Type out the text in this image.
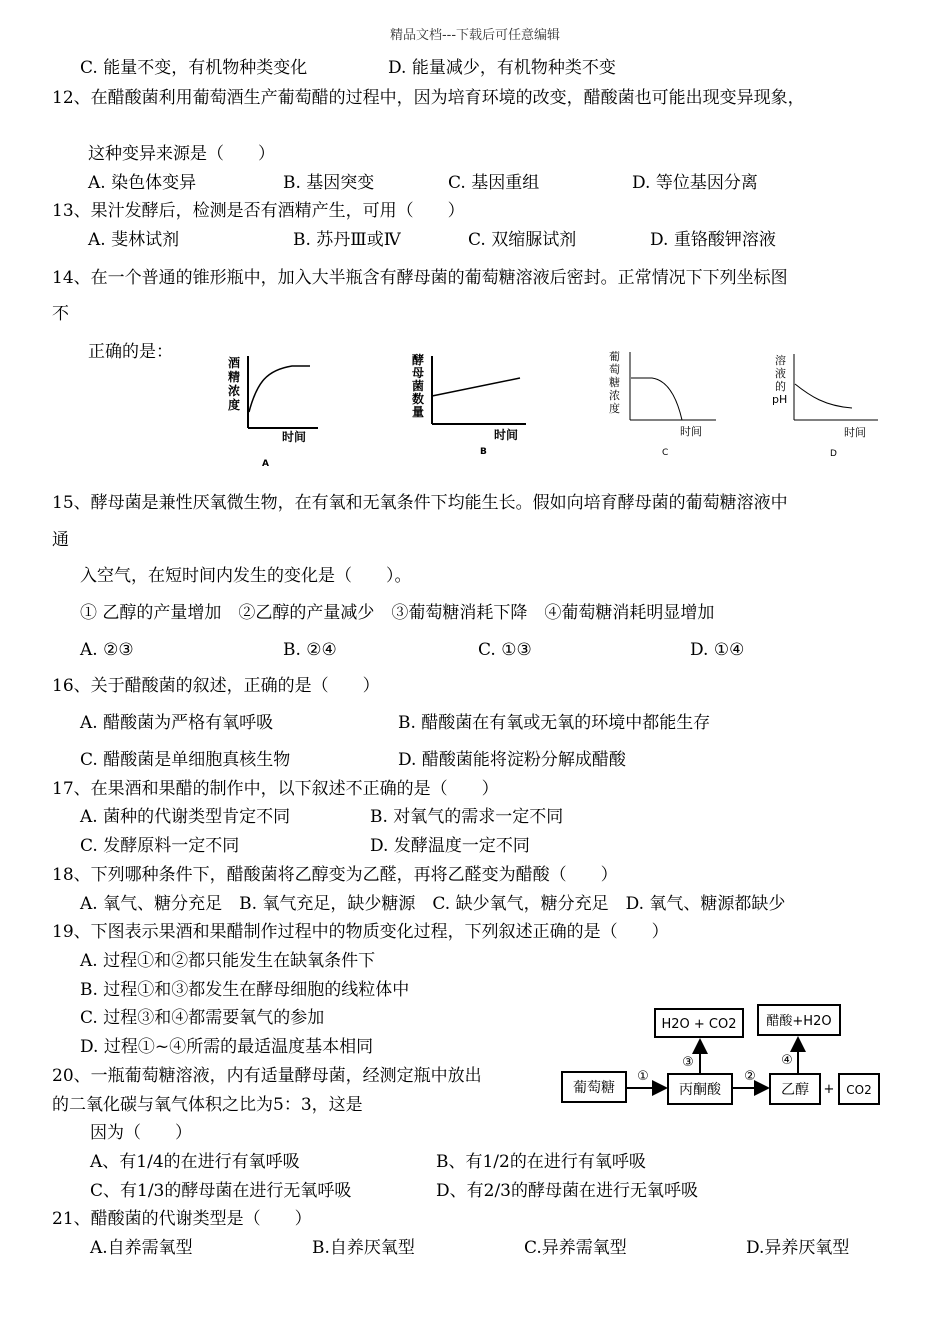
精品文档---下载后可任意编辑
C. 能量不变，有机物种类变化	D. 能量减少，有机物种类不变
12、在醋酸菌利用葡萄酒生产葡萄醋的过程中，因为培育环境的改变，醋酸菌也可能出现变异现象，
这种变异来源是（　　）
A. 染色体变异	B. 基因突变	C. 基因重组	D. 等位基因分离
13、果汁发酵后，检测是否有酒精产生，可用（　　）
A. 斐林试剂	B. 苏丹Ⅲ或Ⅳ	C. 双缩脲试剂	D. 重铬酸钾溶液
14、在一个普通的锥形瓶中，加入大半瓶含有酵母菌的葡萄糖溶液后密封。正常情况下下列坐标图
不
正确的是：
酒
精
浓
度
时间
A
酵
母
菌
数
量
时间
B
葡
萄
糖
浓
度
时间
C
溶
液
的
pH
时间
D
15、酵母菌是兼性厌氧微生物，在有氧和无氧条件下均能生长。假如向培育酵母菌的葡萄糖溶液中
通
入空气，在短时间内发生的变化是（　　）。
① 乙醇的产量增加　②乙醇的产量减少　③葡萄糖消耗下降　④葡萄糖消耗明显增加
A. ②③	B. ②④	C. ①③	D. ①④
16、关于醋酸菌的叙述，正确的是（　　）
A. 醋酸菌为严格有氧呼吸	B. 醋酸菌在有氧或无氧的环境中都能生存
C. 醋酸菌是单细胞真核生物	D. 醋酸菌能将淀粉分解成醋酸
17、在果酒和果醋的制作中，以下叙述不正确的是（　　）
A. 菌种的代谢类型肯定不同	B. 对氧气的需求一定不同
C. 发酵原料一定不同	D. 发酵温度一定不同
18、下列哪种条件下，醋酸菌将乙醇变为乙醛，再将乙醛变为醋酸（　　）
A. 氧气、糖分充足　B. 氧气充足，缺少糖源　C. 缺少氧气，糖分充足　D. 氧气、糖源都缺少
19、下图表示果酒和果醋制作过程中的物质变化过程，下列叙述正确的是（　　）
A. 过程①和②都只能发生在缺氧条件下
B. 过程①和③都发生在酵母细胞的线粒体中
C. 过程③和④都需要氧气的参加
D. 过程①~④所需的最适温度基本相同
H2O + CO2 醋酸+H2O
葡萄糖	丙酮酸	乙醇 + CO2
①	②
③	④
20、一瓶葡萄糖溶液，内有适量酵母菌，经测定瓶中放出
的二氧化碳与氧气体积之比为5：3，这是
因为（　　）
A、有1/4的在进行有氧呼吸	B、有1/2的在进行有氧呼吸
C、有1/3的酵母菌在进行无氧呼吸	D、有2/3的酵母菌在进行无氧呼吸
21、醋酸菌的代谢类型是（　　）
A.自养需氧型	B.自养厌氧型	C.异养需氧型	D.异养厌氧型
